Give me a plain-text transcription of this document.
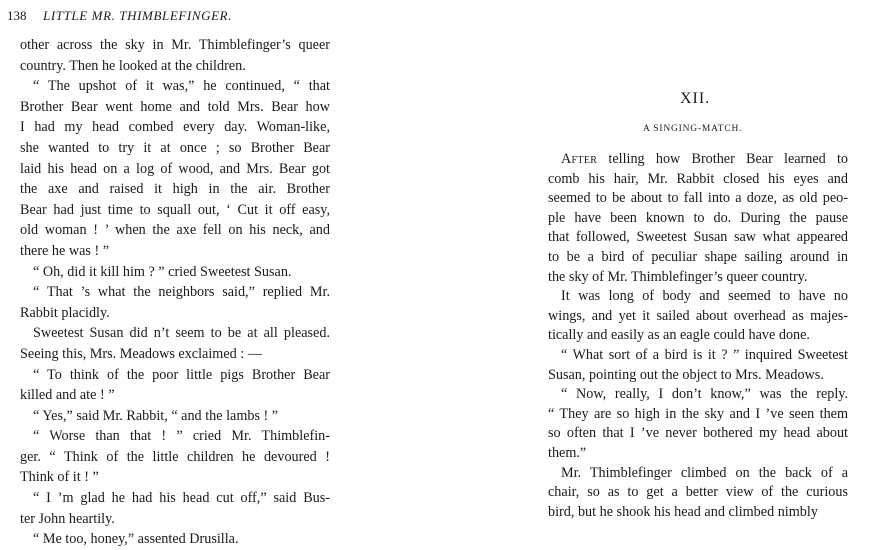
138 LITTLE MR. THIMBLEFINGER.
other across the sky in Mr. Thimblefinger’s queer
country. Then he looked at the children.
“ The upshot of it was,” he continued, “ that
Brother Bear went home and told Mrs. Bear how
I had my head combed every day. Woman-like,
she wanted to try it at once ; so Brother Bear
laid his head on a log of wood, and Mrs. Bear got
the axe and raised it high in the air. Brother
Bear had just time to squall out, ‘ Cut it off easy,
old woman ! ’ when the axe fell on his neck, and
there he was ! ”
“ Oh, did it kill him ? ” cried Sweetest Susan.
“ That ’s what the neighbors said,” replied Mr.
Rabbit placidly.
Sweetest Susan did n’t seem to be at all pleased.
Seeing this, Mrs. Meadows exclaimed : —
“ To think of the poor little pigs Brother Bear
killed and ate ! ”
“ Yes,” said Mr. Rabbit, “ and the lambs ! ”
“ Worse than that ! ” cried Mr. Thimblefin-
ger. “ Think of the little children he devoured !
Think of it ! ”
“ I ’m glad he had his head cut off,” said Bus-
ter John heartily.
“ Me too, honey,” assented Drusilla.
XII.
A SINGING-MATCH.
After telling how Brother Bear learned to
comb his hair, Mr. Rabbit closed his eyes and
seemed to be about to fall into a doze, as old peo-
ple have been known to do. During the pause
that followed, Sweetest Susan saw what appeared
to be a bird of peculiar shape sailing around in
the sky of Mr. Thimblefinger’s queer country.
It was long of body and seemed to have no
wings, and yet it sailed about overhead as majes-
tically and easily as an eagle could have done.
“ What sort of a bird is it ? ” inquired Sweetest
Susan, pointing out the object to Mrs. Meadows.
“ Now, really, I don’t know,” was the reply.
“ They are so high in the sky and I ’ve seen them
so often that I ’ve never bothered my head about
them.”
Mr. Thimblefinger climbed on the back of a
chair, so as to get a better view of the curious
bird, but he shook his head and climbed nimbly
